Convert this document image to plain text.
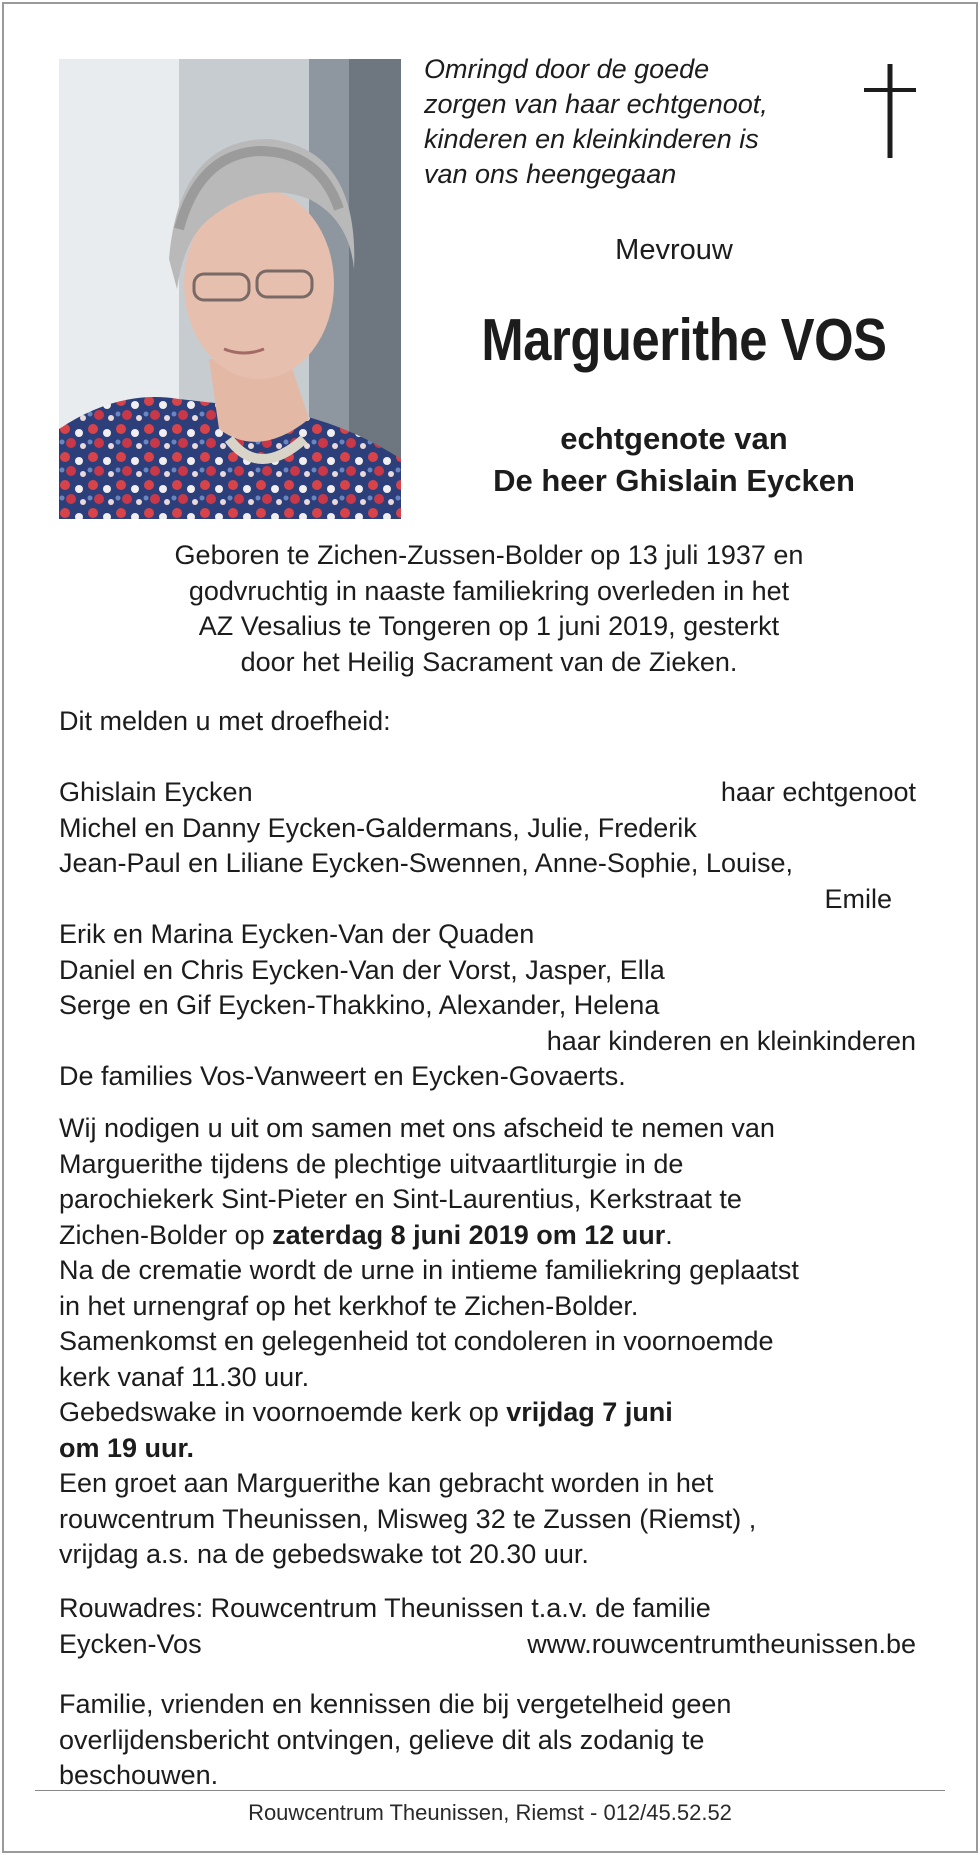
Omringd door de goede
zorgen van haar echtgenoot,
kinderen en kleinkinderen is
van ons heengegaan
Mevrouw
Marguerithe VOS
echtgenote van
De heer Ghislain Eycken
Geboren te Zichen-Zussen-Bolder op 13 juli 1937 en
godvruchtig in naaste familiekring overleden in het
AZ Vesalius te Tongeren op 1 juni 2019, gesterkt
door het Heilig Sacrament van de Zieken.
Dit melden u met droefheid:
Ghislain Eycken	haar echtgenoot
Michel en Danny Eycken-Galdermans, Julie, Frederik
Jean-Paul en Liliane Eycken-Swennen, Anne-Sophie, Louise,
Emile
Erik en Marina Eycken-Van der Quaden
Daniel en Chris Eycken-Van der Vorst, Jasper, Ella
Serge en Gif Eycken-Thakkino, Alexander, Helena
haar kinderen en kleinkinderen
De families Vos-Vanweert en Eycken-Govaerts.
Wij nodigen u uit om samen met ons afscheid te nemen van
Marguerithe tijdens de plechtige uitvaartliturgie in de
parochiekerk Sint-Pieter en Sint-Laurentius, Kerkstraat te
Zichen-Bolder op zaterdag 8 juni 2019 om 12 uur.
Na de crematie wordt de urne in intieme familiekring geplaatst
in het urnengraf op het kerkhof te Zichen-Bolder.
Samenkomst en gelegenheid tot condoleren in voornoemde
kerk vanaf 11.30 uur.
Gebedswake in voornoemde kerk op vrijdag 7 juni
om 19 uur.
Een groet aan Marguerithe kan gebracht worden in het
rouwcentrum Theunissen, Misweg 32 te Zussen (Riemst) ,
vrijdag a.s. na de gebedswake tot 20.30 uur.
Rouwadres: Rouwcentrum Theunissen t.a.v. de familie
Eycken-Vos	www.rouwcentrumtheunissen.be
Familie, vrienden en kennissen die bij vergetelheid geen
overlijdensbericht ontvingen, gelieve dit als zodanig te
beschouwen.
Rouwcentrum Theunissen, Riemst - 012/45.52.52
